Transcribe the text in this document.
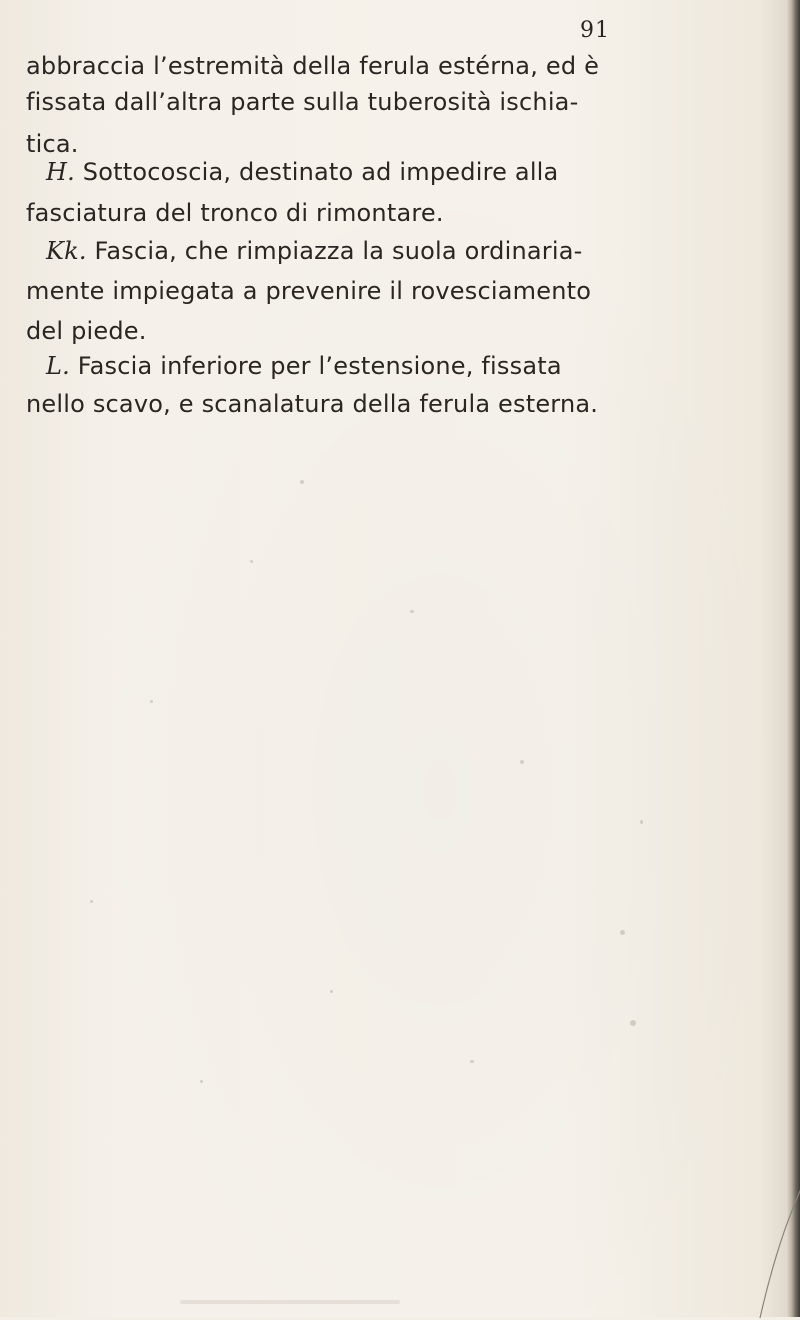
91
abbraccia l’estremità della ferula estérna, ed è
fissata dall’altra parte sulla tuberosità ischia-
tica.
H. Sottocoscia, destinato ad impedire alla
fasciatura del tronco di rimontare.
Kk. Fascia, che rimpiazza la suola ordinaria-
mente impiegata a prevenire il rovesciamento
del piede.
L. Fascia inferiore per l’estensione, fissata
nello scavo, e scanalatura della ferula esterna.
